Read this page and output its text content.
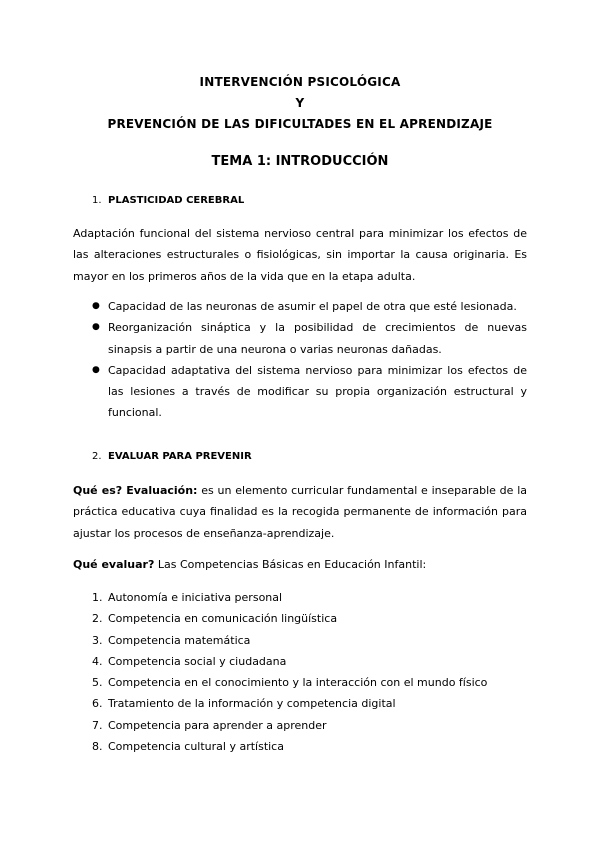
INTERVENCIÓN PSICOLÓGICA
Y
PREVENCIÓN DE LAS DIFICULTADES EN EL APRENDIZAJE
TEMA 1: INTRODUCCIÓN
1. PLASTICIDAD CEREBRAL
Adaptación funcional del sistema nervioso central para minimizar los efectos de las alteraciones estructurales o fisiológicas, sin importar la causa originaria. Es mayor en los primeros años de la vida que en la etapa adulta.
● Capacidad de las neuronas de asumir el papel de otra que esté lesionada.
● Reorganización sináptica y la posibilidad de crecimientos de nuevas sinapsis a partir de una neurona o varias neuronas dañadas.
● Capacidad adaptativa del sistema nervioso para minimizar los efectos de las lesiones a través de modificar su propia organización estructural y funcional.
2. EVALUAR PARA PREVENIR
Qué es? Evaluación: es un elemento curricular fundamental e inseparable de la práctica educativa cuya finalidad es la recogida permanente de información para ajustar los procesos de enseñanza-aprendizaje.
Qué evaluar? Las Competencias Básicas en Educación Infantil:
1. Autonomía e iniciativa personal
2. Competencia en comunicación lingüística
3. Competencia matemática
4. Competencia social y ciudadana
5. Competencia en el conocimiento y la interacción con el mundo físico
6. Tratamiento de la información y competencia digital
7. Competencia para aprender a aprender
8. Competencia cultural y artística
